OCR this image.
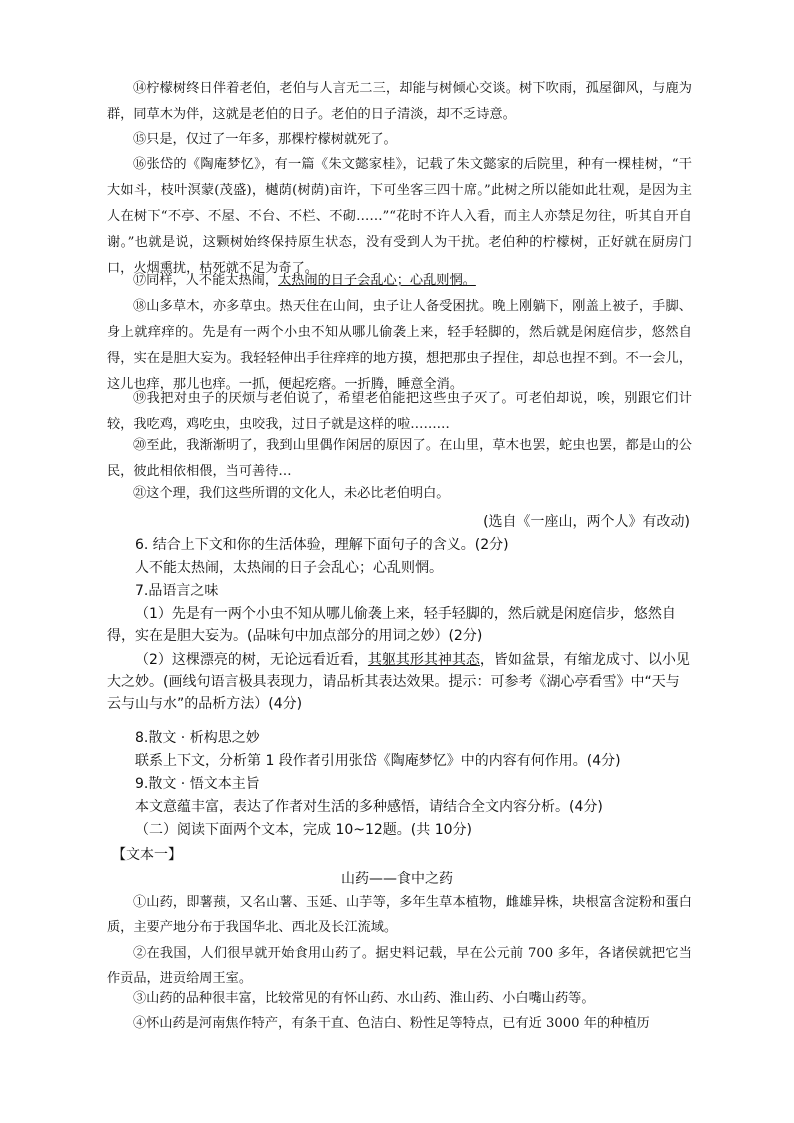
⑭柠檬树终日伴着老伯，老伯与人言无二三，却能与树倾心交谈。树下吹雨，孤屋御风，与鹿为群，同草木为伴，这就是老伯的日子。老伯的日子清淡，却不乏诗意。

⑮只是，仅过了一年多，那棵柠檬树就死了。

⑯张岱的《陶庵梦忆》，有一篇《朱文懿家桂》，记载了朱文懿家的后院里，种有一棵桂树，“干大如斗，枝叶溟蒙(茂盛)，樾荫(树荫)亩许，下可坐客三四十席。”此树之所以能如此壮观，是因为主人在树下“不亭、不屋、不台、不栏、不砌……”“花时不许人入看，而主人亦禁足勿往，听其自开自谢。”也就是说，这颗树始终保持原生状态，没有受到人为干扰。老伯种的柠檬树，正好就在厨房门口，火烟熏扰，枯死就不足为奇了。

⑰同样，人不能太热闹，太热闹的日子会乱心；心乱则惘。

⑱山多草木，亦多草虫。热天住在山间，虫子让人备受困扰。晚上刚躺下，刚盖上被子，手脚、身上就痒痒的。先是有一两个小虫不知从哪儿偷袭上来，轻手轻脚的，然后就是闲庭信步，悠然自得，实在是胆大妄为。我轻轻伸出手往痒痒的地方摸，想把那虫子捏住，却总也捏不到。不一会儿，这儿也痒，那儿也痒。一抓，便起疙瘩。一折腾，睡意全消。

⑲我把对虫子的厌烦与老伯说了，希望老伯能把这些虫子灭了。可老伯却说，唉，别跟它们计较，我吃鸡，鸡吃虫，虫咬我，过日子就是这样的啦………

⑳至此，我渐渐明了，我到山里偶作闲居的原因了。在山里，草木也罢，蛇虫也罢，都是山的公民，彼此相依相偎，当可善待…

㉑这个理，我们这些所谓的文化人，未必比老伯明白。

(选自《一座山，两个人》有改动)

6. 结合上下文和你的生活体验，理解下面句子的含义。(2分)

人不能太热闹，太热闹的日子会乱心；心乱则惘。

7.品语言之味

（1）先是有一两个小虫不知从哪儿偷袭上来，轻手轻脚的，然后就是闲庭信步，悠然自得，实在是胆大妄为。(品味句中加点部分的用词之妙）(2分)

（2）这棵漂亮的树，无论远看近看，其躯其形其神其态，皆如盆景，有缩龙成寸、以小见大之妙。(画线句语言极具表现力，请品析其表达效果。提示：可参考《湖心亭看雪》中“天与云与山与水”的品析方法）(4分)

8.散文 · 析构思之妙

联系上下文，分析第 1 段作者引用张岱《陶庵梦忆》中的内容有何作用。(4分)

9.散文 · 悟文本主旨

本文意蕴丰富，表达了作者对生活的多种感悟，请结合全文内容分析。(4分)

（二）阅读下面两个文本，完成 10~12题。(共 10分)

【文本一】

山药——食中之药

①山药，即薯蓣，又名山薯、玉延、山芋等，多年生草本植物，雌雄异株，块根富含淀粉和蛋白质，主要产地分布于我国华北、西北及长江流域。

②在我国，人们很早就开始食用山药了。据史料记载，早在公元前 700 多年，各诸侯就把它当作贡品，进贡给周王室。

③山药的品种很丰富，比较常见的有怀山药、水山药、淮山药、小白嘴山药等。

④怀山药是河南焦作特产，有条干直、色洁白、粉性足等特点，已有近 3000 年的种植历
